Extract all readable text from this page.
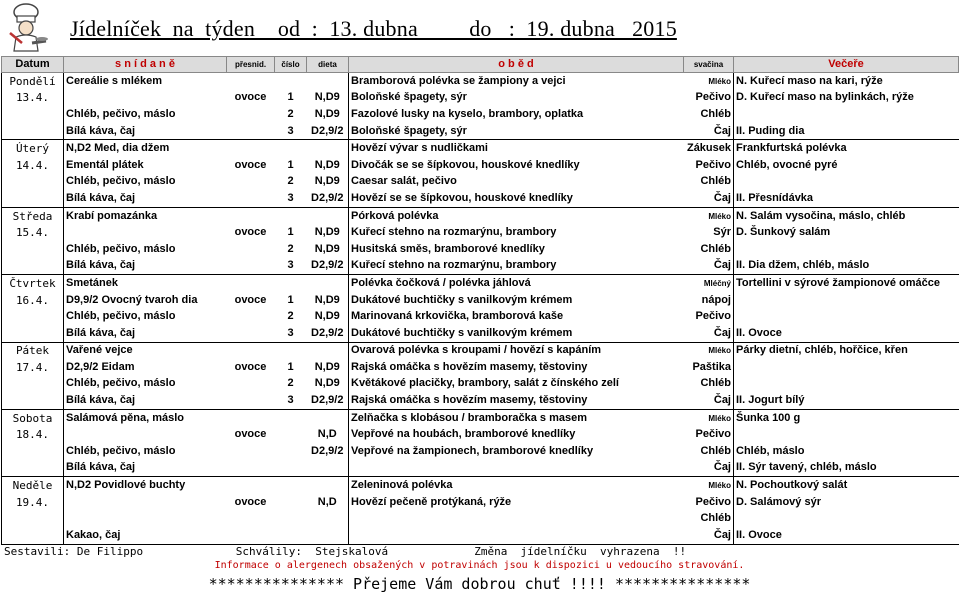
Jídelníček  na  týden    od  :  13. dubna         do   :  19. dubna   2015
Datum	s n í d a n ě	přesnid.	číslo	dieta	o b ě d	svačina	Večeře
Pondělí	Cereálie s mlékem				Bramborová polévka se žampiony a vejci	Mléko	N. Kuřecí maso na kari, rýže
13.4.		ovoce	1	N,D9	Boloňské špagety, sýr	Pečivo	D. Kuřecí maso na bylinkách, rýže
	Chléb, pečivo, máslo		2	N,D9	Fazolové lusky na kyselo, brambory, oplatka	Chléb	
	Bílá káva, čaj		3	D2,9/2	Boloňské špagety, sýr	Čaj	II. Puding dia
Úterý	N,D2 Med, dia džem				Hovězí vývar s nudličkami	Zákusek	Frankfurtská polévka
14.4.	Ementál plátek	ovoce	1	N,D9	Divočák se se šípkovou, houskové knedlíky	Pečivo	Chléb, ovocné pyré
	Chléb, pečivo, máslo		2	N,D9	Caesar salát, pečivo	Chléb	
	Bílá káva, čaj		3	D2,9/2	Hovězí se se šípkovou, houskové knedlíky	Čaj	II. Přesnídávka
Středa	Krabí pomazánka				Pórková polévka	Mléko	N. Salám vysočina, máslo, chléb
15.4.		ovoce	1	N,D9	Kuřecí stehno na rozmarýnu, brambory	Sýr	D. Šunkový salám
	Chléb, pečivo, máslo		2	N,D9	Husitská směs, bramborové knedlíky	Chléb	
	Bílá káva, čaj		3	D2,9/2	Kuřecí stehno na rozmarýnu, brambory	Čaj	II. Dia džem, chléb, máslo
Čtvrtek	Smetánek				Polévka čočková / polévka jáhlová	Mléčný	Tortellini v sýrové žampionové omáčce
16.4.	D9,9/2 Ovocný tvaroh dia	ovoce	1	N,D9	Dukátové buchtičky s vanilkovým krémem	nápoj	
	Chléb, pečivo, máslo		2	N,D9	Marinovaná krkovička, bramborová kaše	Pečivo	
	Bílá káva, čaj		3	D2,9/2	Dukátové buchtičky s vanilkovým krémem	Čaj	II. Ovoce
Pátek	Vařené vejce				Ovarová polévka s kroupami / hovězí s kapáním	Mléko	Párky dietní, chléb, hořčice, křen
17.4.	D2,9/2 Eidam	ovoce	1	N,D9	Rajská omáčka s hovězím masemy, těstoviny	Paštika	
	Chléb, pečivo, máslo		2	N,D9	Květákové placičky, brambory, salát z čínského zelí	Chléb	
	Bílá káva, čaj		3	D2,9/2	Rajská omáčka s hovězím masemy, těstoviny	Čaj	II. Jogurt bílý
Sobota	Salámová pěna, máslo				Zelňačka s klobásou / bramboračka s masem	Mléko	Šunka 100 g
18.4.		ovoce		N,D	Vepřové na houbách, bramborové knedlíky	Pečivo	
	Chléb, pečivo, máslo			D2,9/2	Vepřové na žampionech, bramborové knedlíky	Chléb	Chléb, máslo
	Bílá káva, čaj					Čaj	II. Sýr tavený, chléb, máslo
Neděle	N,D2 Povidlové buchty				Zeleninová polévka	Mléko	N. Pochoutkový salát
19.4.		ovoce		N,D	Hovězí pečeně protýkaná, rýže	Pečivo	D. Salámový sýr
						Chléb	
	Kakao, čaj					Čaj	II. Ovoce
Sestavili: De Filippo              Schválily:  Stejskalová             Změna  jídelníčku  vyhrazena  !!
Informace o alergenech obsažených v potravinách jsou k dispozici u vedoucího stravování.
*************** Přejeme Vám dobrou chuť !!!! ***************
